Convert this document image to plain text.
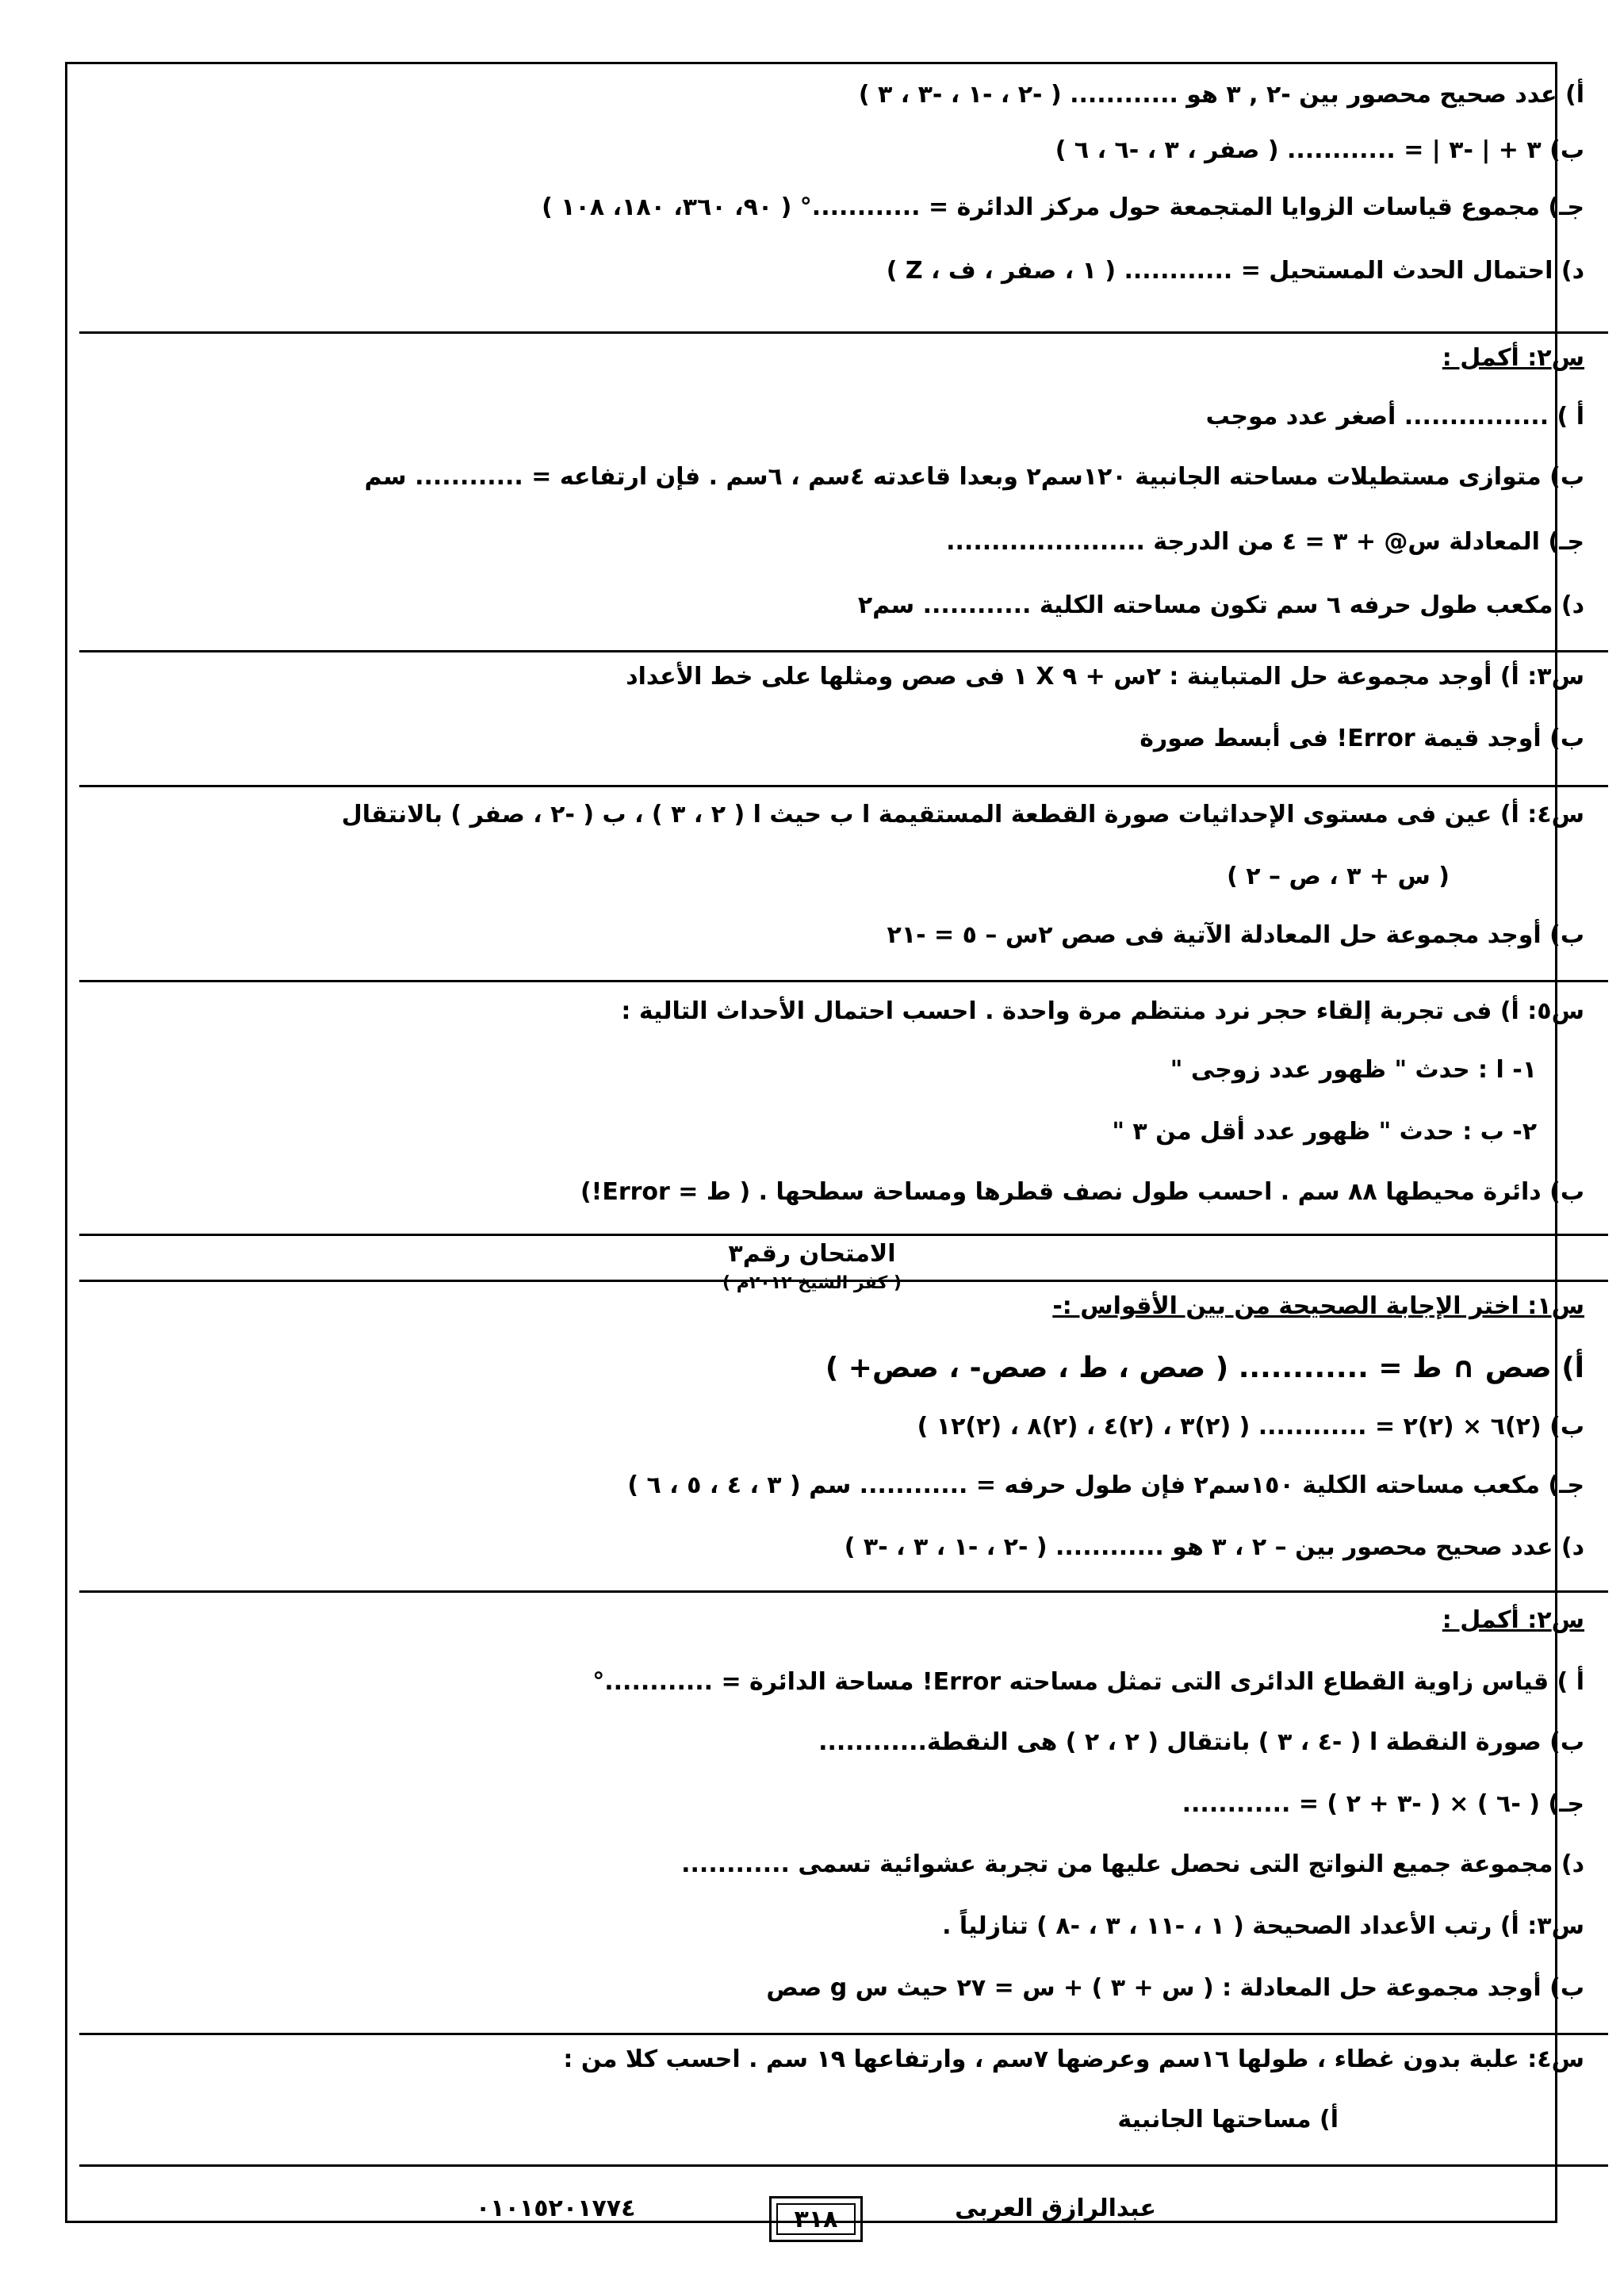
أ) عدد صحيح محصور بين -٢ , ٣ هو ............ ( -٢ ، -١ ، -٣ ، ٣ )
ب) ٣ + | -٣ | = ............ ( صفر ، ٣ ، -٦ ، ٦ )
جـ) مجموع قياسات الزوايا المتجمعة حول مركز الدائرة = ............° ( ٩٠، ٣٦٠، ١٨٠، ١٠٨ )
د) احتمال الحدث المستحيل = ............ ( ١ ، صفر ، ف ، Z )
س٢: أكمل :
أ ) ................ أصغر عدد موجب
ب) متوازى مستطيلات مساحته الجانبية ١٢٠سم٢ وبعدا قاعدته ٤سم ، ٦سم . فإن ارتفاعه = ............ سم
جـ) المعادلة س@ + ٣ = ٤ من الدرجة ......................
د) مكعب طول حرفه ٦ سم تكون مساحته الكلية ............ سم٢
س٣: أ) أوجد مجموعة حل المتباينة : ٢س + ٩ X ١ فى صص ومثلها على خط الأعداد
ب) أوجد قيمة Error! فى أبسط صورة
س٤: أ) عين فى مستوى الإحداثيات صورة القطعة المستقيمة ا ب حيث ا ( ٢ ، ٣ ) ، ب ( -٢ ، صفر ) بالانتقال
( س + ٣ ، ص – ٢ )
ب) أوجد مجموعة حل المعادلة الآتية فى صص ٢س – ٥ = -٢١
س٥: أ) فى تجربة إلقاء حجر نرد منتظم مرة واحدة . احسب احتمال الأحداث التالية :
١- ا : حدث " ظهور عدد زوجى "
٢- ب : حدث " ظهور عدد أقل من ٣ "
ب) دائرة محيطها ٨٨ سم . احسب طول نصف قطرها ومساحة سطحها . ( ط = Error!)
الامتحان رقم٣
( كفر الشيخ ٢٠١٢م )
س١: اختر الإجابة الصحيحة من بين الأقواس :-
أ) صص ∩ ط = ............ ( صص ، ط ، صص- ، صص+ )
ب) (٢)٦ × (٢)٢ = ............ ( (٢)٣ ، (٢)٤ ، (٢)٨ ، (٢)١٢ )
جـ) مكعب مساحته الكلية ١٥٠سم٢ فإن طول حرفه = ............ سم ( ٣ ، ٤ ، ٥ ، ٦ )
د) عدد صحيح محصور بين – ٢ ، ٣ هو ............ ( -٢ ، -١ ، ٣ ، -٣ )
س٢: أكمل :
أ ) قياس زاوية القطاع الدائرى التى تمثل مساحته Error! مساحة الدائرة = ............°
ب) صورة النقطة ا ( -٤ ، ٣ ) بانتقال ( ٢ ، ٢ ) هى النقطة............
جـ) ( -٦ ) × ( -٣ + ٢ ) = ............
د) مجموعة جميع النواتج التى نحصل عليها من تجربة عشوائية تسمى ............
س٣: أ) رتب الأعداد الصحيحة ( ١ ، -١١ ، ٣ ، -٨ ) تنازلياً .
ب) أوجد مجموعة حل المعادلة : ( س + ٣ ) + س = ٢٧ حيث س g صص
س٤: علبة بدون غطاء ، طولها ١٦سم وعرضها ٧سم ، وارتفاعها ١٩ سم . احسب كلا من :
أ) مساحتها الجانبية
عبدالرازق العربى
٣١٨
٠١٠١٥٢٠١٧٧٤
